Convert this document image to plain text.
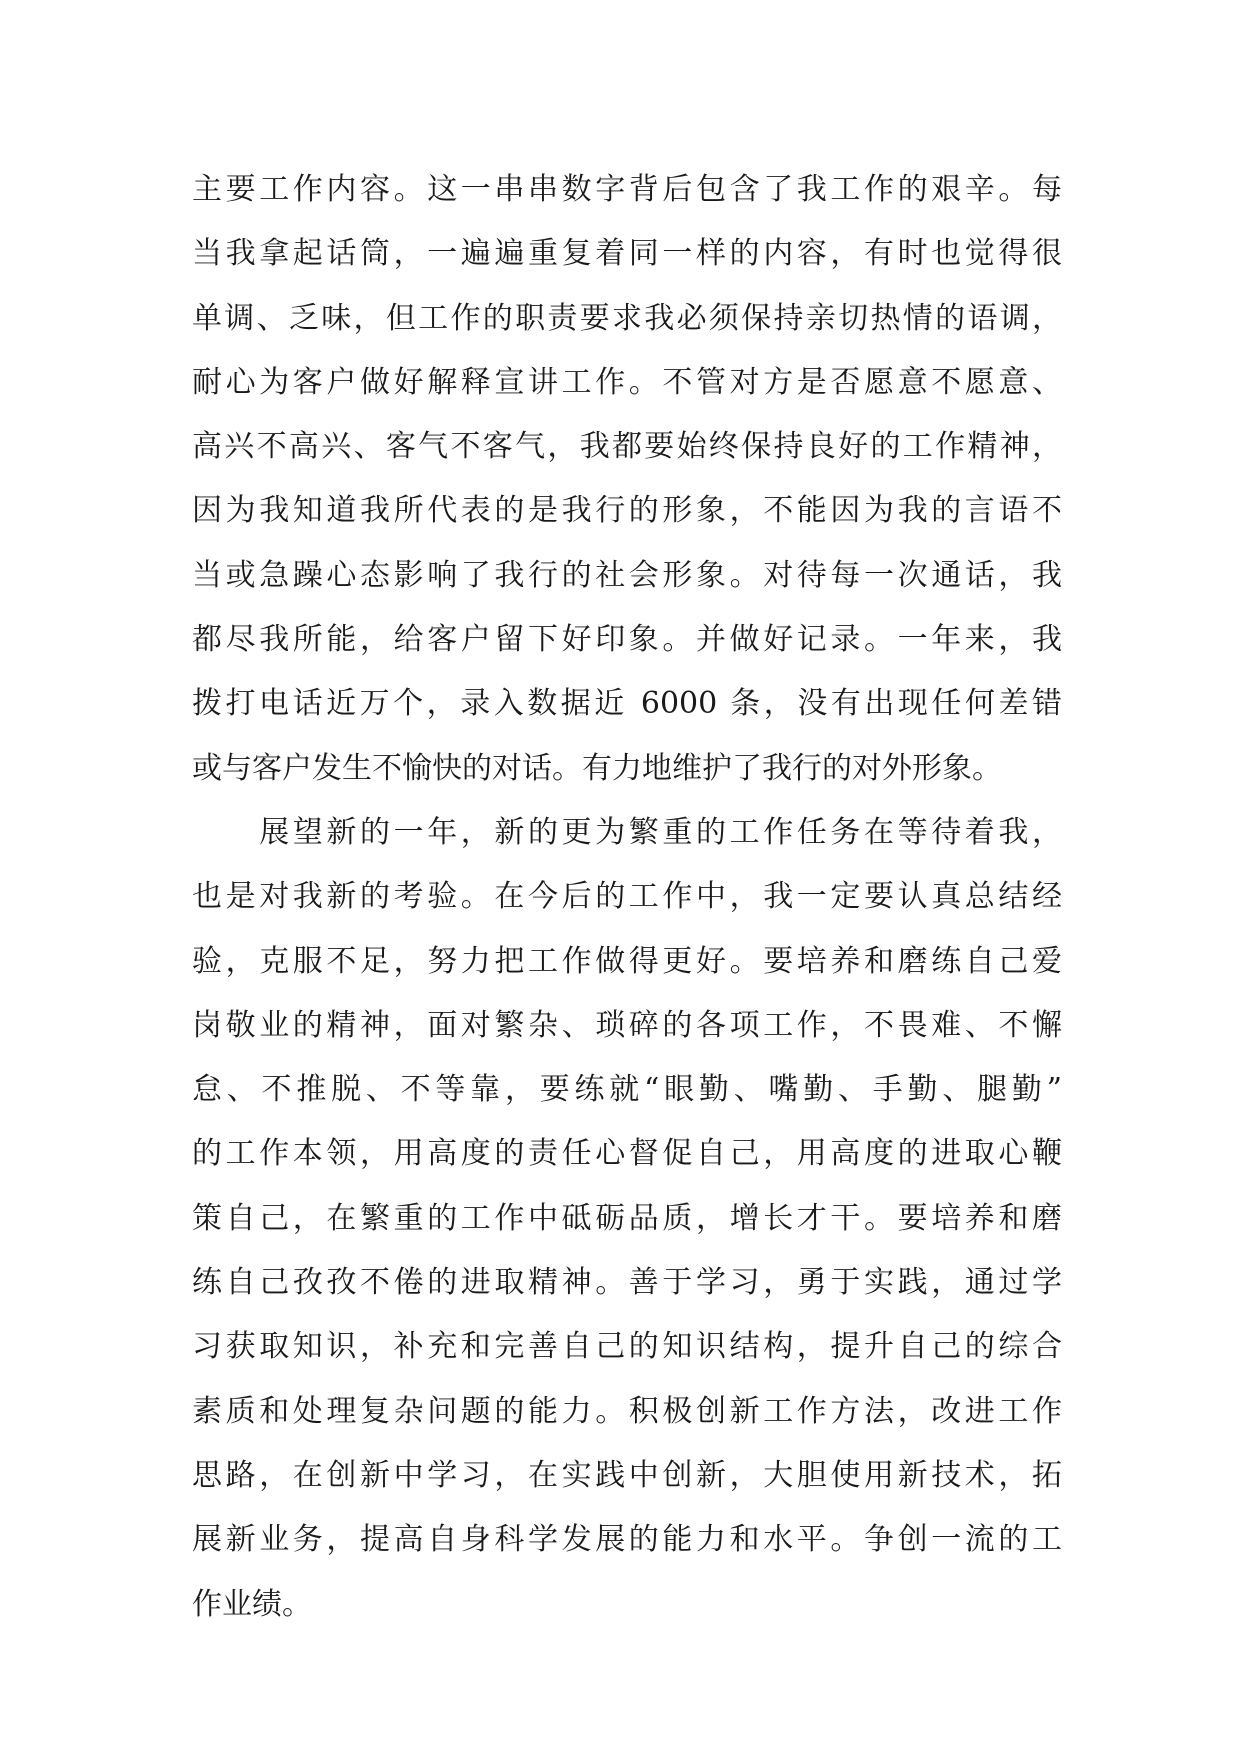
主要工作内容。这一串串数字背后包含了我工作的艰辛。每
当我拿起话筒，一遍遍重复着同一样的内容，有时也觉得很
单调、乏味，但工作的职责要求我必须保持亲切热情的语调，
耐心为客户做好解释宣讲工作。不管对方是否愿意不愿意、
高兴不高兴、客气不客气，我都要始终保持良好的工作精神，
因为我知道我所代表的是我行的形象，不能因为我的言语不
当或急躁心态影响了我行的社会形象。对待每一次通话，我
都尽我所能，给客户留下好印象。并做好记录。一年来，我
拨打电话近万个，录入数据近 6000 条，没有出现任何差错
或与客户发生不愉快的对话。有力地维护了我行的对外形象。
　　展望新的一年，新的更为繁重的工作任务在等待着我，
也是对我新的考验。在今后的工作中，我一定要认真总结经
验，克服不足，努力把工作做得更好。要培养和磨练自己爱
岗敬业的精神，面对繁杂、琐碎的各项工作，不畏难、不懈
怠、不推脱、不等靠，要练就“眼勤、嘴勤、手勤、腿勤”
的工作本领，用高度的责任心督促自己，用高度的进取心鞭
策自己，在繁重的工作中砥砺品质，增长才干。要培养和磨
练自己孜孜不倦的进取精神。善于学习，勇于实践，通过学
习获取知识，补充和完善自己的知识结构，提升自己的综合
素质和处理复杂问题的能力。积极创新工作方法，改进工作
思路，在创新中学习，在实践中创新，大胆使用新技术，拓
展新业务，提高自身科学发展的能力和水平。争创一流的工
作业绩。
